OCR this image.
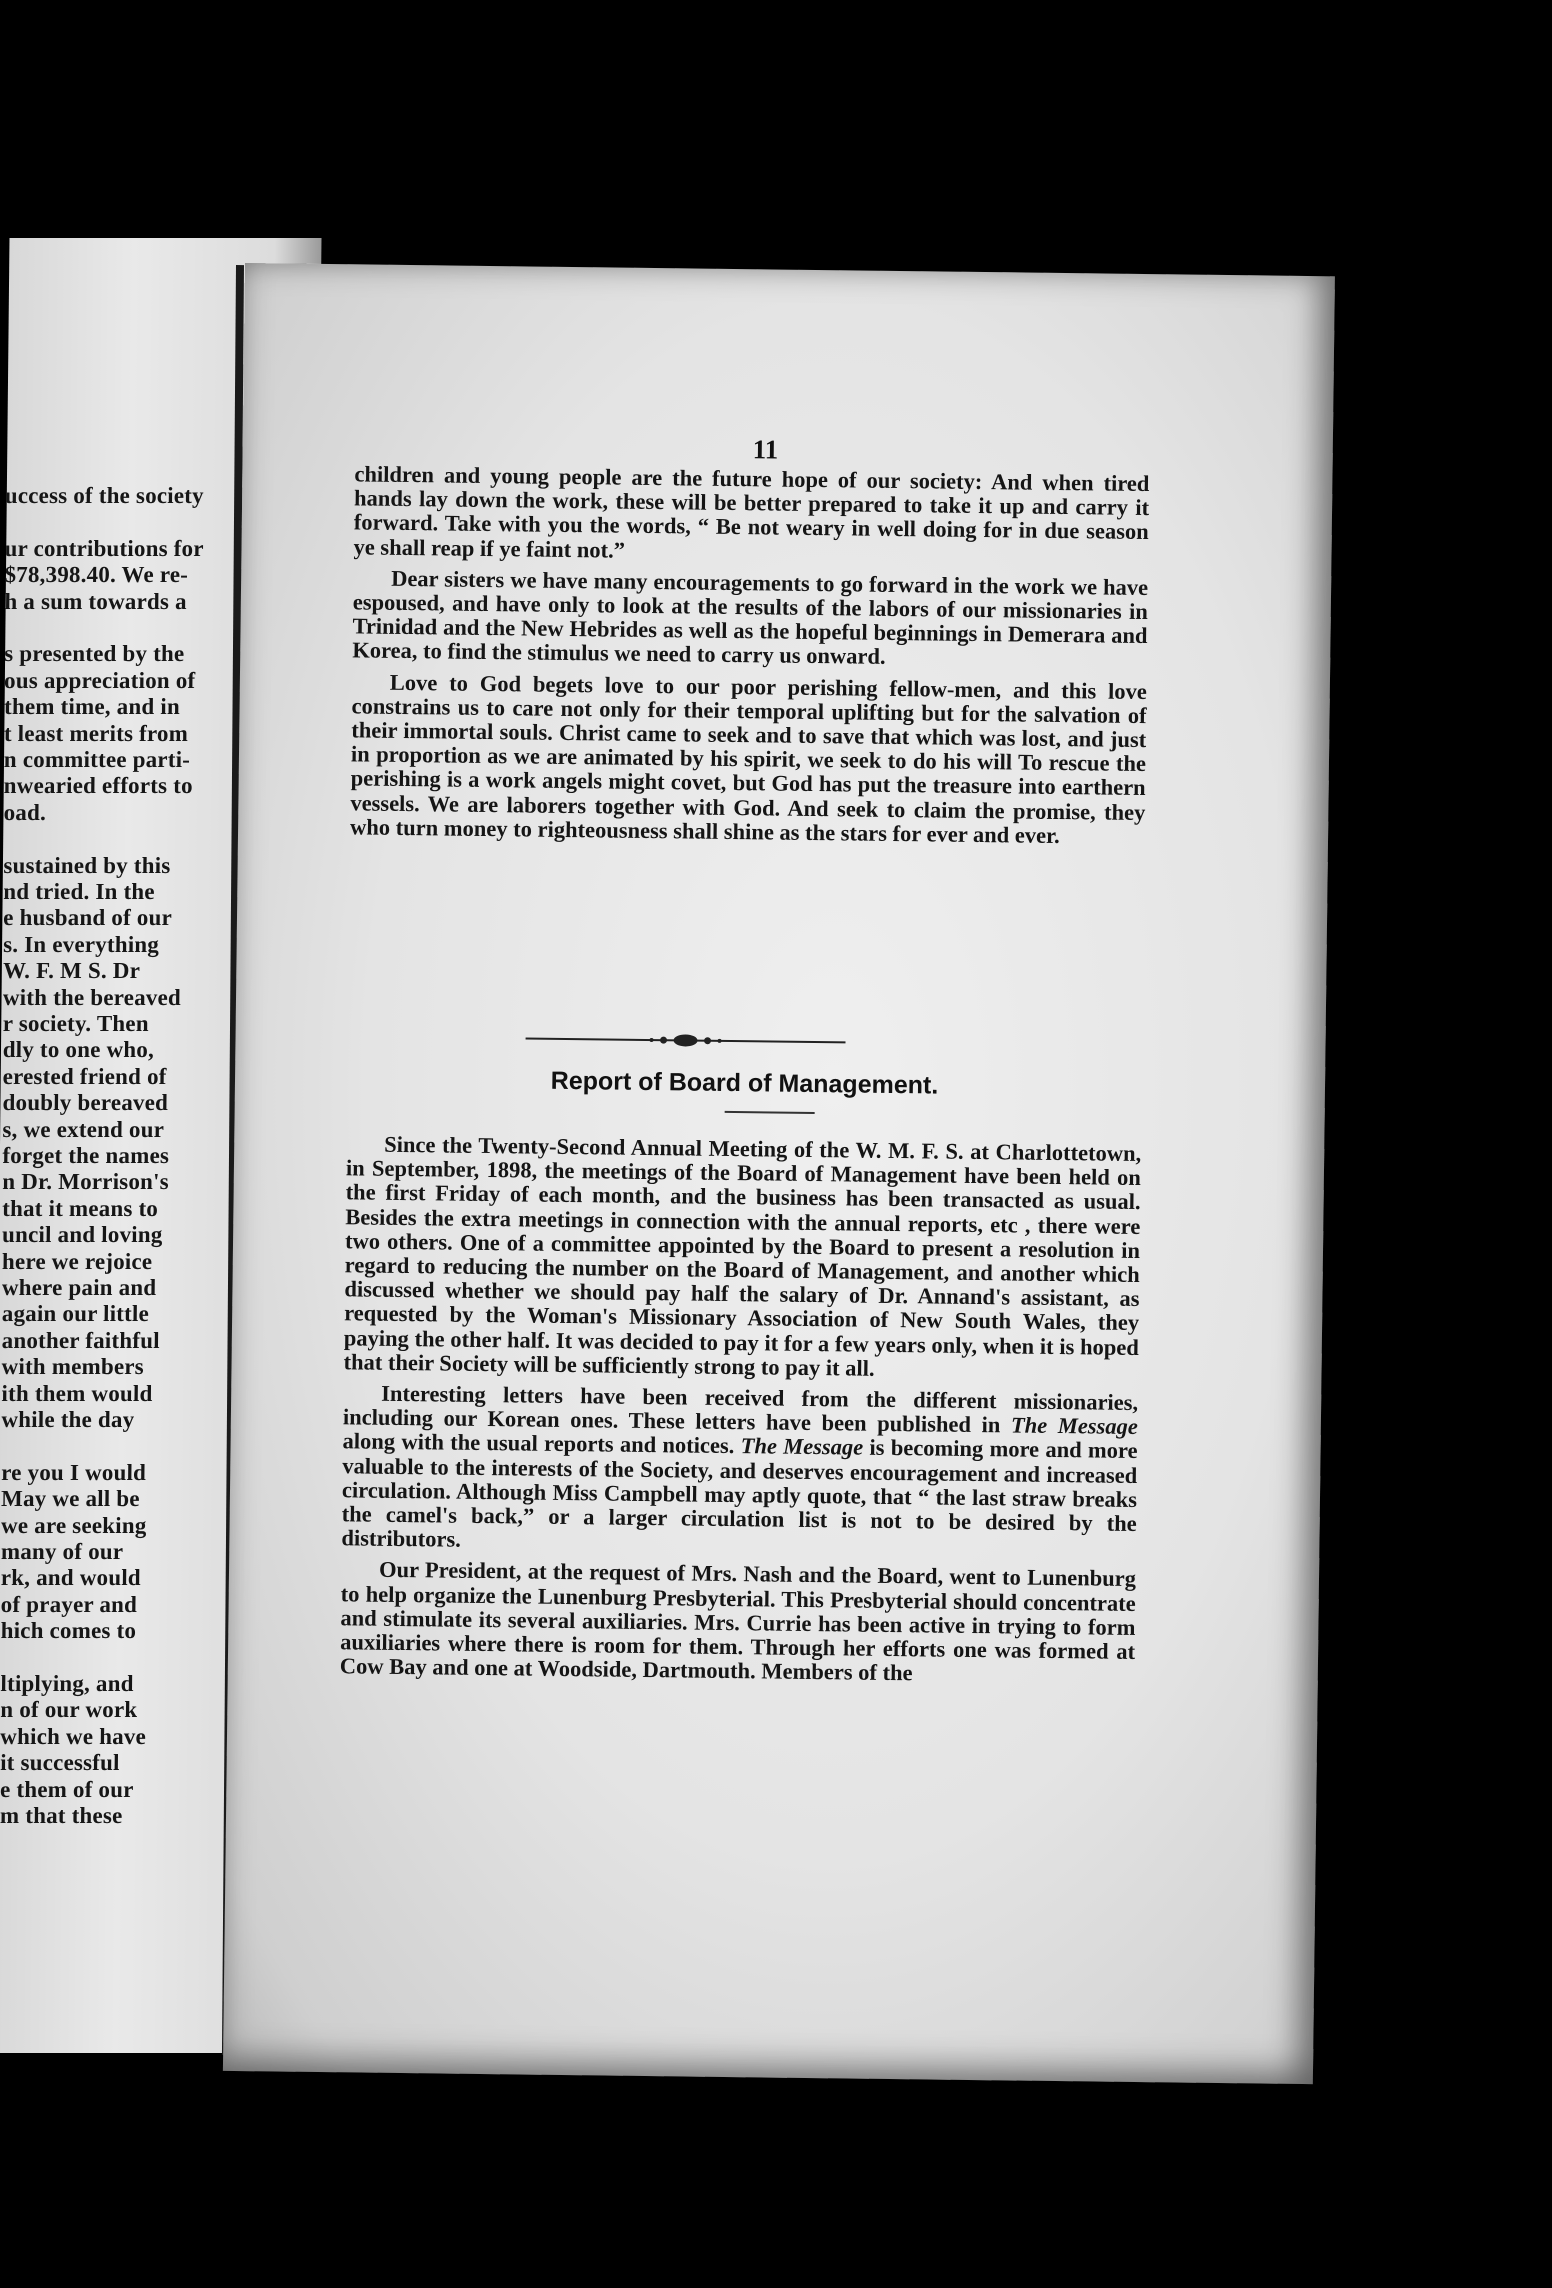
uccess of the society
ur contributions for
$78,398.40. We re-
h a sum towards a
s presented by the
ous appreciation of
them time, and in
t least merits from
n committee parti-
nwearied efforts to
oad.
sustained by this
nd tried. In the
e husband of our
s. In everything
W. F. M S. Dr
with the bereaved
r society. Then
dly to one who,
erested friend of
doubly bereaved
s, we extend our
forget the names
n Dr. Morrison's
that it means to
uncil and loving
here we rejoice
where pain and
again our little
another faithful
with members
ith them would
while the day
re you I would
May we all be
we are seeking
many of our
rk, and would
of prayer and
hich comes to
ltiplying, and
n of our work
which we have
it successful
e them of our
m that these
11

children and young people are the future hope of our society: And when tired hands lay down the work, these will be better prepared to take it up and carry it forward. Take with you the words, “ Be not weary in well doing for in due season ye shall reap if ye faint not.”

Dear sisters we have many encouragements to go forward in the work we have espoused, and have only to look at the results of the labors of our missionaries in Trinidad and the New Hebrides as well as the hopeful beginnings in Demerara and Korea, to find the stimulus we need to carry us onward.

Love to God begets love to our poor perishing fellow-men, and this love constrains us to care not only for their temporal uplifting but for the salvation of their immortal souls. Christ came to seek and to save that which was lost, and just in proportion as we are animated by his spirit, we seek to do his will To rescue the perishing is a work angels might covet, but God has put the treasure into earthern vessels. We are laborers together with God. And seek to claim the promise, they who turn money to righteousness shall shine as the stars for ever and ever.

Report of Board of Management.

Since the Twenty-Second Annual Meeting of the W. M. F. S. at Charlottetown, in September, 1898, the meetings of the Board of Management have been held on the first Friday of each month, and the business has been transacted as usual. Besides the extra meetings in connection with the annual reports, etc , there were two others. One of a committee appointed by the Board to present a resolution in regard to reducing the number on the Board of Management, and another which discussed whether we should pay half the salary of Dr. Annand's assistant, as requested by the Woman's Missionary Association of New South Wales, they paying the other half. It was decided to pay it for a few years only, when it is hoped that their Society will be sufficiently strong to pay it all.

Interesting letters have been received from the different missionaries, including our Korean ones. These letters have been published in The Message along with the usual reports and notices. The Message is becoming more and more valuable to the interests of the Society, and deserves encouragement and increased circulation. Although Miss Campbell may aptly quote, that “ the last straw breaks the camel's back,” or a larger circulation list is not to be desired by the distributors.

Our President, at the request of Mrs. Nash and the Board, went to Lunenburg to help organize the Lunenburg Presbyterial. This Presbyterial should concentrate and stimulate its several auxiliaries. Mrs. Currie has been active in trying to form auxiliaries where there is room for them. Through her efforts one was formed at Cow Bay and one at Woodside, Dartmouth. Members of the
